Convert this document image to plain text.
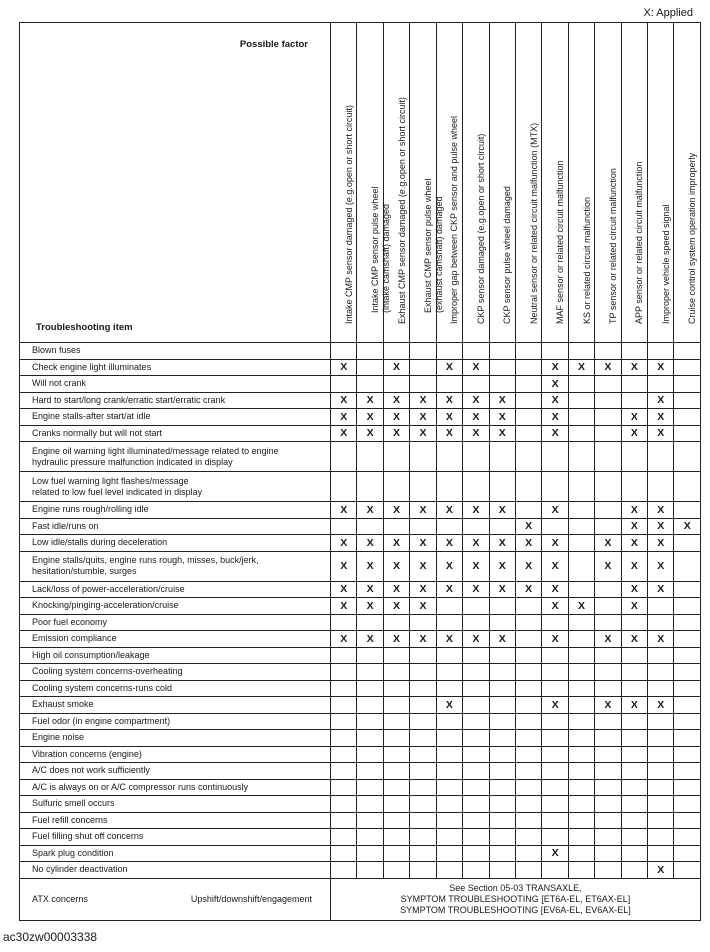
X: Applied
Possible factor
Troubleshooting item	Intake CMP sensor damaged (e.g.open or short circuit)	Intake CMP sensor pulse wheel
(intake camshaft) damaged	Exhaust CMP sensor damaged (e.g.open or short circuit)	Exhaust CMP sensor pulse wheel
(exhaust camshaft) damaged	Improper gap between CKP sensor and pulse wheel	CKP sensor damaged (e.g.open or short circuit)	CKP sensor pulse wheel damaged	Neutral sensor or related circuit malfunction (MTX)	MAF sensor or related circuit malfunction	KS or related circuit malfunction	TP sensor or related circuit malfunction	APP sensor or related circuit malfunction	Improper vehicle speed signal	Cruise control system operation improperly

Blown fuses														
Check engine light illuminates	X		X		X	X			X	X	X	X	X	
Will not crank									X					
Hard to start/long crank/erratic start/erratic crank	X	X	X	X	X	X	X		X				X	
Engine stalls-after start/at idle	X	X	X	X	X	X	X		X			X	X	
Cranks normally but will not start	X	X	X	X	X	X	X		X			X	X	
Engine oil warning light illuminated/message related to engine
hydraulic pressure malfunction indicated in display														
Low fuel warning light flashes/message
related to low fuel level indicated in display														
Engine runs rough/rolling idle	X	X	X	X	X	X	X		X			X	X	
Fast idle/runs on								X				X	X	X
Low idle/stalls during deceleration	X	X	X	X	X	X	X	X	X		X	X	X	
Engine stalls/quits, engine runs rough, misses, buck/jerk,
hesitation/stumble, surges	X	X	X	X	X	X	X	X	X		X	X	X	
Lack/loss of power-acceleration/cruise	X	X	X	X	X	X	X	X	X			X	X	
Knocking/pinging-acceleration/cruise	X	X	X	X					X	X		X		
Poor fuel economy														
Emission compliance	X	X	X	X	X	X	X		X		X	X	X	
High oil consumption/leakage														
Cooling system concerns-overheating														
Cooling system concerns-runs cold														
Exhaust smoke					X				X		X	X	X	
Fuel odor (in engine compartment)														
Engine noise														
Vibration concerns (engine)														
A/C does not work sufficiently														
A/C is always on or A/C compressor runs continuously														
Sulfuric smell occurs														
Fuel refill concerns														
Fuel filling shut off concerns														
Spark plug condition									X					
No cylinder deactivation													X	

ATX concerns Upshift/downshift/engagement	See Section 05-03 TRANSAXLE,
SYMPTOM TROUBLESHOOTING [ET6A-EL, ET6AX-EL]
SYMPTOM TROUBLESHOOTING [EV6A-EL, EV6AX-EL]													
ac30zw00003338
